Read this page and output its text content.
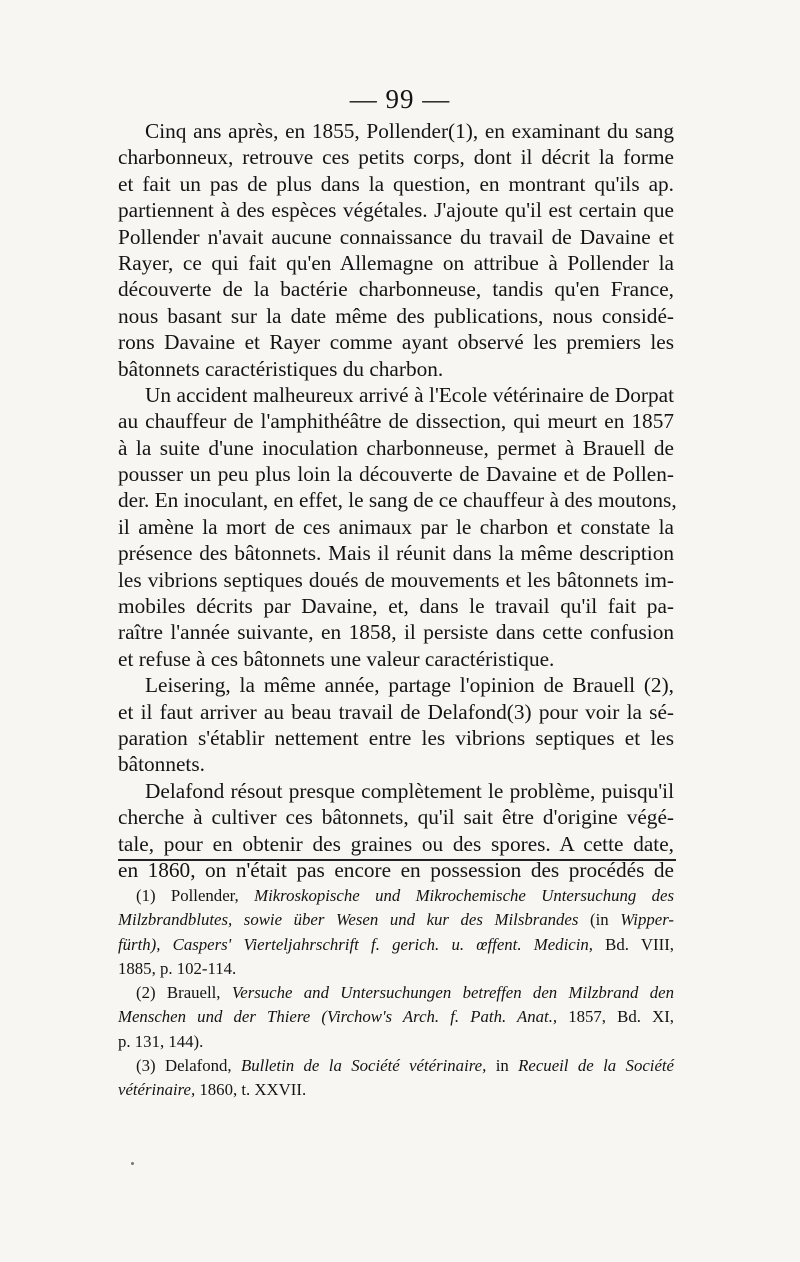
— 99 —
Cinq ans après, en 1855, Pollender(1), en examinant du sang
charbonneux, retrouve ces petits corps, dont il décrit la forme
et fait un pas de plus dans la question, en montrant qu'ils ap.
partiennent à des espèces végétales. J'ajoute qu'il est certain que
Pollender n'avait aucune connaissance du travail de Davaine et
Rayer, ce qui fait qu'en Allemagne on attribue à Pollender la
découverte de la bactérie charbonneuse, tandis qu'en France,
nous basant sur la date même des publications, nous considé-
rons Davaine et Rayer comme ayant observé les premiers les
bâtonnets caractéristiques du charbon.
Un accident malheureux arrivé à l'Ecole vétérinaire de Dorpat
au chauffeur de l'amphithéâtre de dissection, qui meurt en 1857
à la suite d'une inoculation charbonneuse, permet à Brauell de
pousser un peu plus loin la découverte de Davaine et de Pollen-
der. En inoculant, en effet, le sang de ce chauffeur à des moutons,
il amène la mort de ces animaux par le charbon et constate la
présence des bâtonnets. Mais il réunit dans la même description
les vibrions septiques doués de mouvements et les bâtonnets im-
mobiles décrits par Davaine, et, dans le travail qu'il fait pa-
raître l'année suivante, en 1858, il persiste dans cette confusion
et refuse à ces bâtonnets une valeur caractéristique.
Leisering, la même année, partage l'opinion de Brauell (2),
et il faut arriver au beau travail de Delafond(3) pour voir la sé-
paration s'établir nettement entre les vibrions septiques et les
bâtonnets.
Delafond résout presque complètement le problème, puisqu'il
cherche à cultiver ces bâtonnets, qu'il sait être d'origine végé-
tale, pour en obtenir des graines ou des spores. A cette date,
en 1860, on n'était pas encore en possession des procédés de
(1) Pollender, Mikroskopische und Mikrochemische Untersuchung des
Milzbrandblutes, sowie über Wesen und kur des Milsbrandes (in Wipper-
fürth), Caspers' Vierteljahrschrift f. gerich. u. œffent. Medicin, Bd. VIII,
1885, p. 102-114.
(2) Brauell, Versuche and Untersuchungen betreffen den Milzbrand den
Menschen und der Thiere (Virchow's Arch. f. Path. Anat., 1857, Bd. XI,
p. 131, 144).
(3) Delafond, Bulletin de la Société vétérinaire, in Recueil de la Société
vétérinaire, 1860, t. XXVII.
